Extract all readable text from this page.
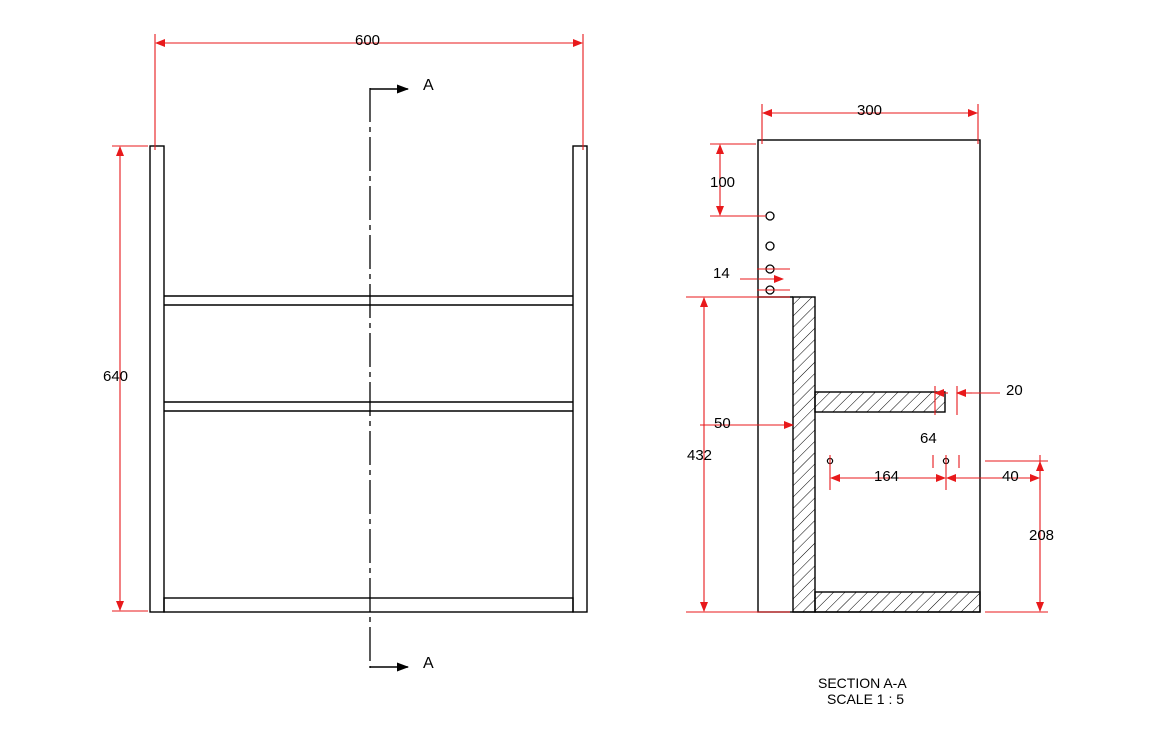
600
640
A
A
300
100
14
432
50
20
64
164	40
208
SECTION A-A
SCALE 1 : 5
